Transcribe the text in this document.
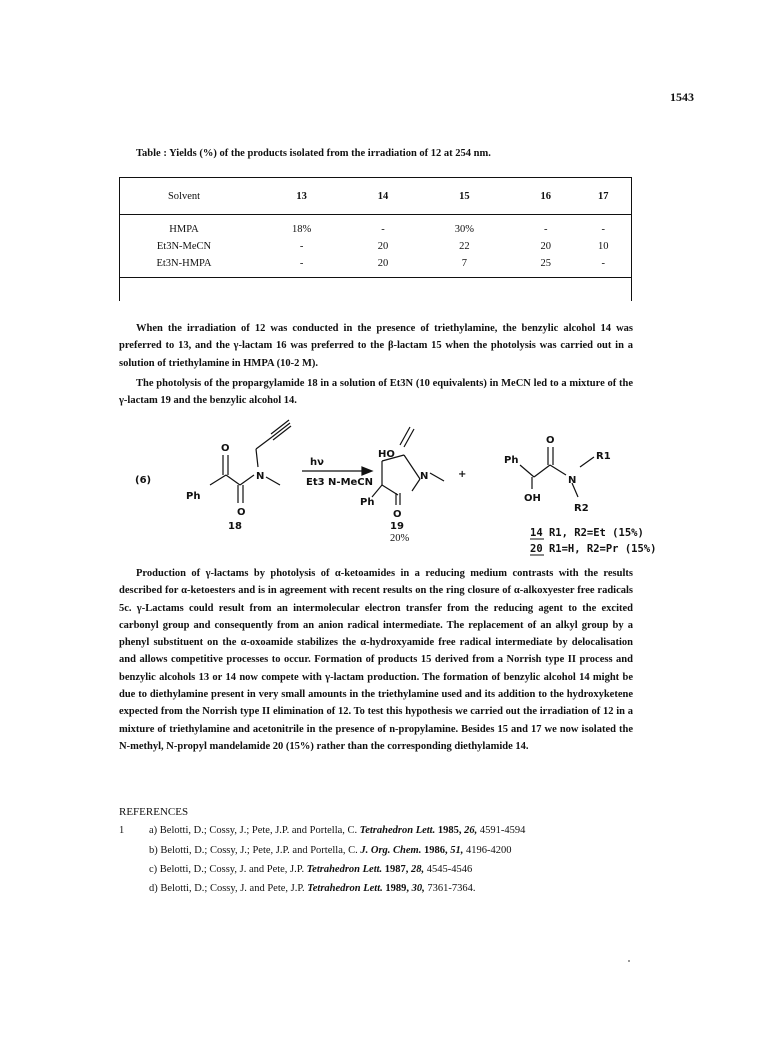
1543
Table : Yields (%) of the products isolated from the irradiation of 12 at 254 nm.
Solvent	13	14	15	16	17
HMPA	18%	-	30%	-	-
Et3N-MeCN	-	20	22	20	10
Et3N-HMPA	-	20	7	25	-
When the irradiation of 12 was conducted in the presence of triethylamine, the benzylic alcohol 14 was preferred to 13, and the γ-lactam 16 was preferred to the β-lactam 15 when the photolysis was carried out in a solution of triethylamine in HMPA (10-2 M).
The photolysis of the propargylamide 18 in a solution of Et3N (10 equivalents) in MeCN led to a mixture of the γ-lactam 19 and the benzylic alcohol 14.
(6)
Ph
O
O
N
18
hν
Et3 N-MeCN
HO
N
Ph
O
+
19
20%
Ph
O
N
R1
OH
R2
14 R1, R2=Et (15%)
20 R1=H, R2=Pr (15%)
Production of γ-lactams by photolysis of α-ketoamides in a reducing medium contrasts with the results described for α-ketoesters and is in agreement with recent results on the ring closure of α-alkoxyester free radicals 5c. γ-Lactams could result from an intermolecular electron transfer from the reducing agent to the excited carbonyl group and consequently from an anion radical intermediate. The replacement of an alkyl group by a phenyl substituent on the α-oxoamide stabilizes the α-hydroxyamide free radical intermediate by delocalisation and allows competitive processes to occur. Formation of products 15 derived from a Norrish type II process and benzylic alcohols 13 or 14 now compete with γ-lactam production. The formation of benzylic alcohol 14 might be due to diethylamine present in very small amounts in the triethylamine used and its addition to the hydroxyketene expected from the Norrish type II elimination of 12. To test this hypothesis we carried out the irradiation of 12 in a mixture of triethylamine and acetonitrile in the presence of n-propylamine. Besides 15 and 17 we now isolated the N-methyl, N-propyl mandelamide 20 (15%) rather than the corresponding diethylamide 14.
REFERENCES
1 a) Belotti, D.; Cossy, J.; Pete, J.P. and Portella, C. Tetrahedron Lett. 1985, 26, 4591-4594
b) Belotti, D.; Cossy, J.; Pete, J.P. and Portella, C. J. Org. Chem. 1986, 51, 4196-4200
c) Belotti, D.; Cossy, J. and Pete, J.P. Tetrahedron Lett. 1987, 28, 4545-4546
d) Belotti, D.; Cossy, J. and Pete, J.P. Tetrahedron Lett. 1989, 30, 7361-7364.
